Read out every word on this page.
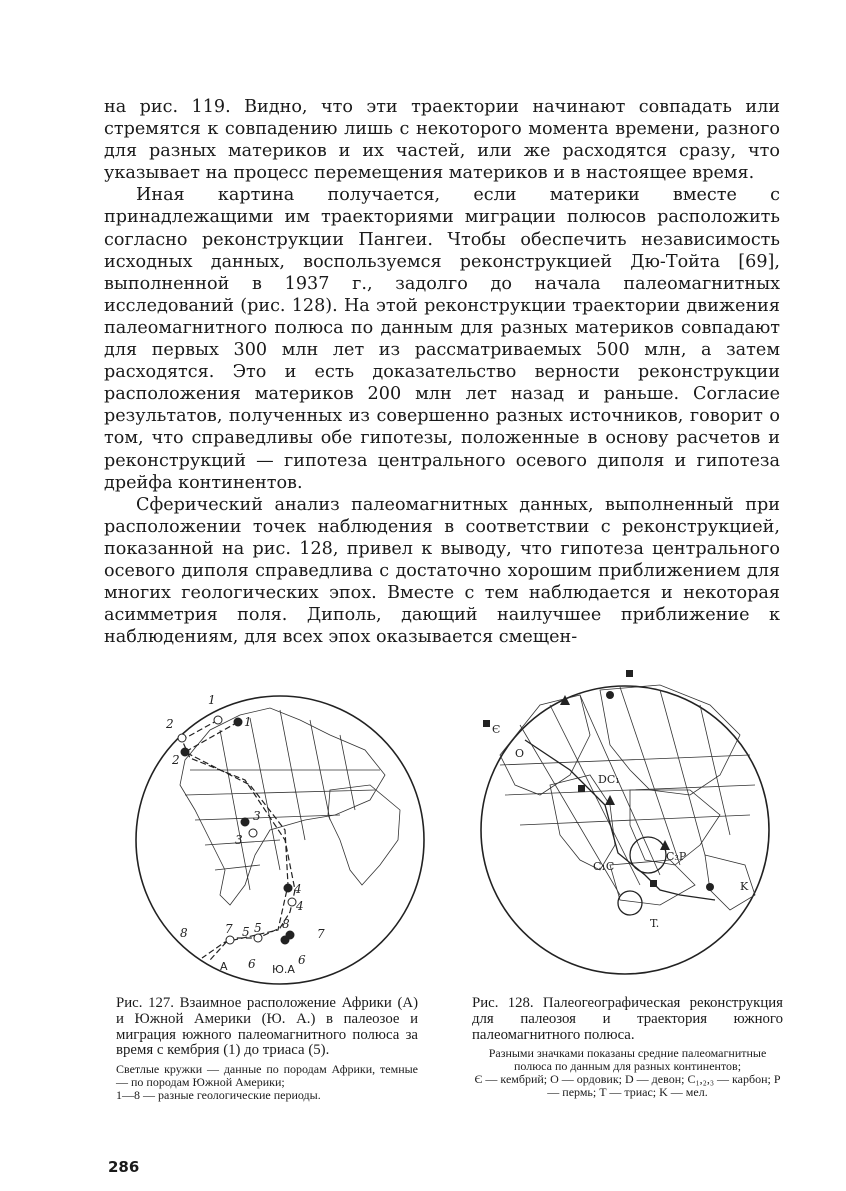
на рис. 119. Видно, что эти траектории начинают совпадать или стремятся к совпадению лишь с некоторого момента времени, разного для разных материков и их частей, или же расходятся сразу, что указывает на процесс перемещения материков и в настоящее время.

Иная картина получается, если материки вместе с принадлежащими им траекториями миграции полюсов расположить согласно реконструкции Пангеи. Чтобы обеспечить независимость исходных данных, воспользуемся реконструкцией Дю-Тойта [69], выполненной в 1937 г., задолго до начала палеомагнитных исследований (рис. 128). На этой реконструкции траектории движения палеомагнитного полюса по данным для разных материков совпадают для первых 300 млн лет из рассматриваемых 500 млн, а затем расходятся. Это и есть доказательство верности реконструкции расположения материков 200 млн лет назад и раньше. Согласие результатов, полученных из совершенно разных источников, говорит о том, что справедливы обе гипотезы, положенные в основу расчетов и реконструкций — гипотеза центрального осевого диполя и гипотеза дрейфа континентов.

Сферический анализ палеомагнитных данных, выполненный при расположении точек наблюдения в соответствии с реконструкцией, показанной на рис. 128, привел к выводу, что гипотеза центрального осевого диполя справедлива с достаточно хорошим приближением для многих геологических эпох. Вместе с тем наблюдается и некоторая асимметрия поля. Диполь, дающий наилучшее приближение к наблюдениям, для всех эпох оказывается смещен-

1
1
2
2
3
3
4
4
5 5
6	6
7	7
8
8
А	Ю.А
Є
O
DC₁
C₁C
C₃P
K
T.
Рис. 127. Взаимное расположение Африки (А) и Южной Америки (Ю. А.) в палеозое и миграция южного палеомагнитного полюса за время с кембрия (1) до триаса (5).
Светлые кружки — данные по породам Африки, темные — по породам Южной Америки;
1—8 — разные геологические периоды.
Рис. 128. Палеогеографическая реконструкция для палеозоя и траектория южного палеомагнитного полюса.
Разными значками показаны средние палеомагнитные полюса по данным для разных континентов;
Є — кембрий; O — ордовик; D — девон; C₁,₂,₃ — карбон; P — пермь; T — триас; K — мел.
286
